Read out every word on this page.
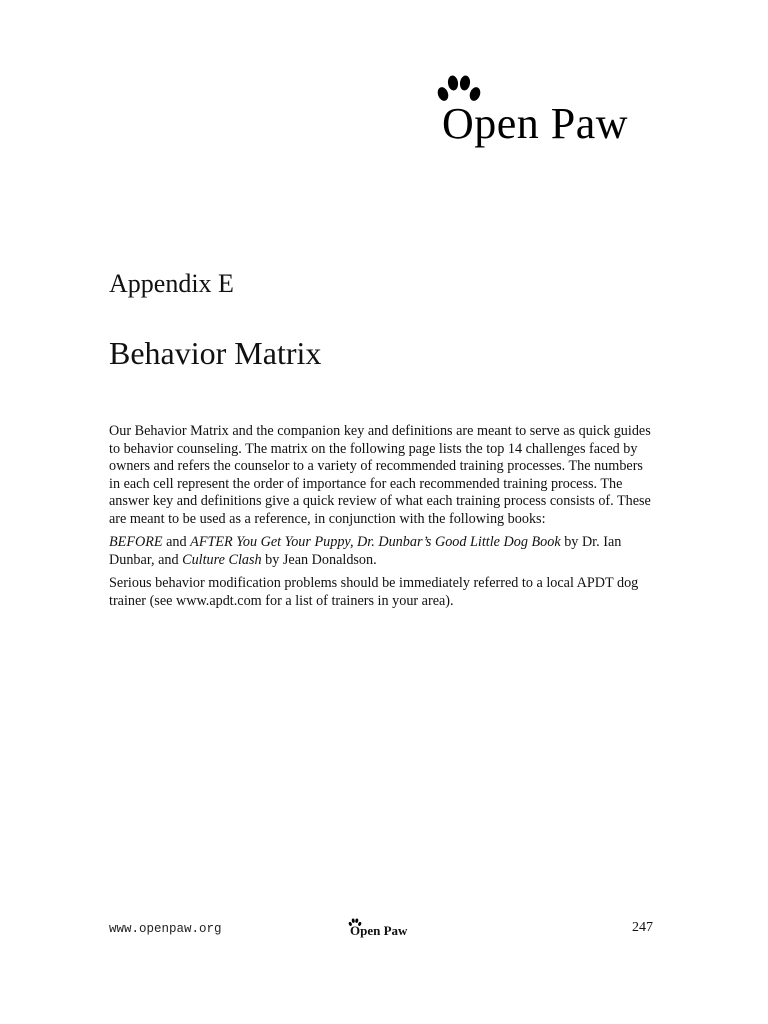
Open Paw
Appendix E
Behavior Matrix

Our Behavior Matrix and the companion key and definitions are meant to serve as quick guides to behavior counseling. The matrix on the following page lists the top 14 challenges faced by owners and refers the counselor to a variety of recommended training processes. The numbers in each cell represent the order of importance for each recommended training process. The answer key and definitions give a quick review of what each training process consists of. These are meant to be used as a reference, in conjunction with the following books:

BEFORE and AFTER You Get Your Puppy, Dr. Dunbar’s Good Little Dog Book by Dr. Ian Dunbar, and Culture Clash by Jean Donaldson.

Serious behavior modification problems should be immediately referred to a local APDT dog trainer (see www.apdt.com for a list of trainers in your area).

www.openpaw.org	Open Paw	247
